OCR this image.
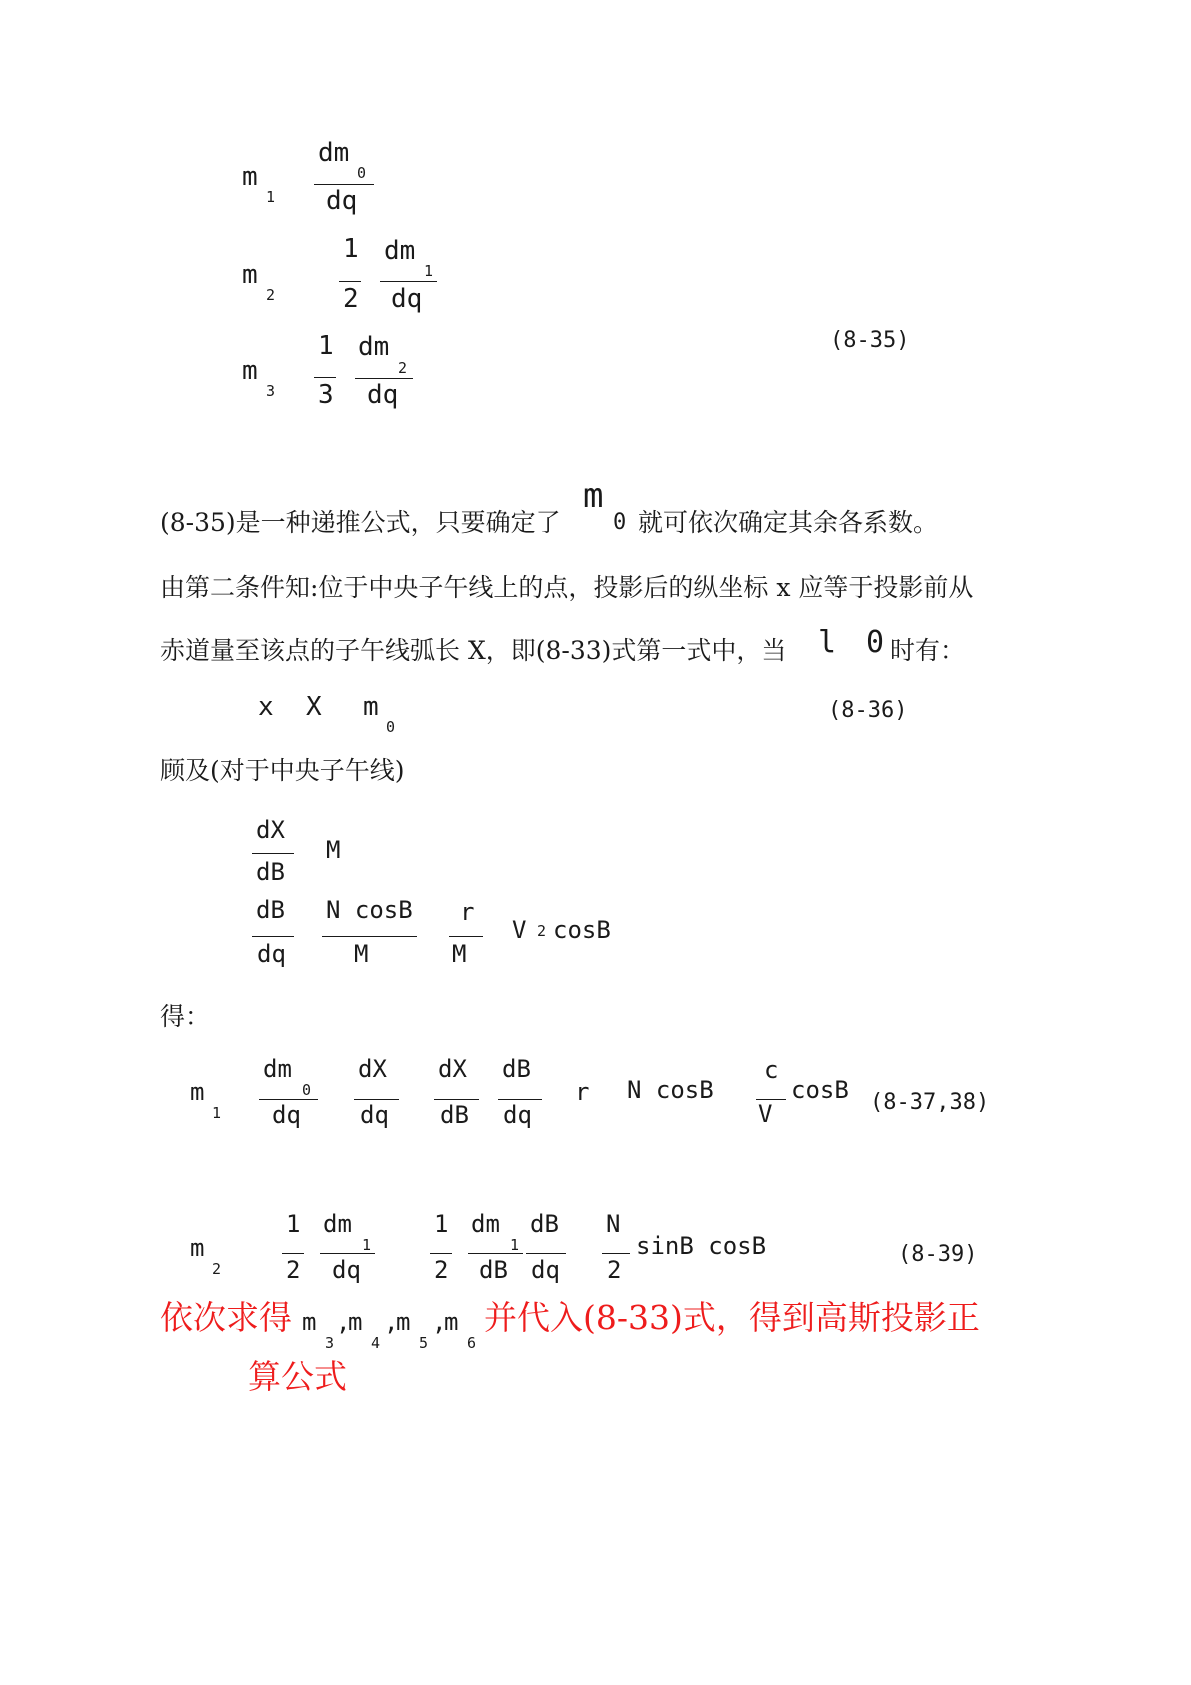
m
1
dm
0
dq
m
2
1
2
dm
1
dq
m
3
1
3
dm
2
dq
(8-35)
(8-35)是一种递推公式，只要确定了
m
0 就可依次确定其余各系数。
由第二条件知:位于中央子午线上的点，投影后的纵坐标 x 应等于投影前从
赤道量至该点的子午线弧长 X，即(8-33)式第一式中，当 l 0 时有：
x X m
0
(8-36)
顾及(对于中央子午线)
dX
dB
M
dB
dq
N cosB
M
r
M
V 2 cosB
得：
m
1
dm
0
dq
dX
dq
dX
dB
dB
dq
r N cosB
c
V
cosB (8-37,38)
m
2
1
2
dm
1
dq
1
2
dm
1
dB
dB
dq
N
2
sinB cosB	(8-39)
依次求得 m
3
,
m
4
,
m
5
,
m
6
并代入(8-33)式，得到高斯投影正
算公式
